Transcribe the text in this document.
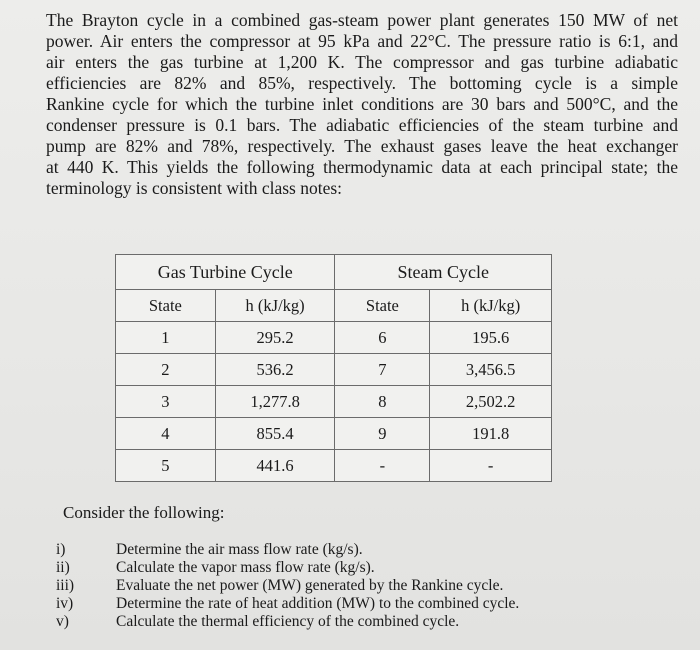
The Brayton cycle in a combined gas-steam power plant generates 150 MW of net
power. Air enters the compressor at 95 kPa and 22°C. The pressure ratio is 6:1, and
air enters the gas turbine at 1,200 K. The compressor and gas turbine adiabatic
efficiencies are 82% and 85%, respectively. The bottoming cycle is a simple
Rankine cycle for which the turbine inlet conditions are 30 bars and 500°C, and the
condenser pressure is 0.1 bars. The adiabatic efficiencies of the steam turbine and
pump are 82% and 78%, respectively. The exhaust gases leave the heat exchanger
at 440 K. This yields the following thermodynamic data at each principal state; the
terminology is consistent with class notes:
Gas Turbine Cycle		Steam Cycle	
State	h (kJ/kg)	State	h (kJ/kg)
1	295.2	6	195.6
2	536.2	7	3,456.5
3	1,277.8	8	2,502.2
4	855.4	9	191.8
5	441.6	-	-
Consider the following:
i)	Determine the air mass flow rate (kg/s).
ii)	Calculate the vapor mass flow rate (kg/s).
iii)	Evaluate the net power (MW) generated by the Rankine cycle.
iv)	Determine the rate of heat addition (MW) to the combined cycle.
v)	Calculate the thermal efficiency of the combined cycle.
